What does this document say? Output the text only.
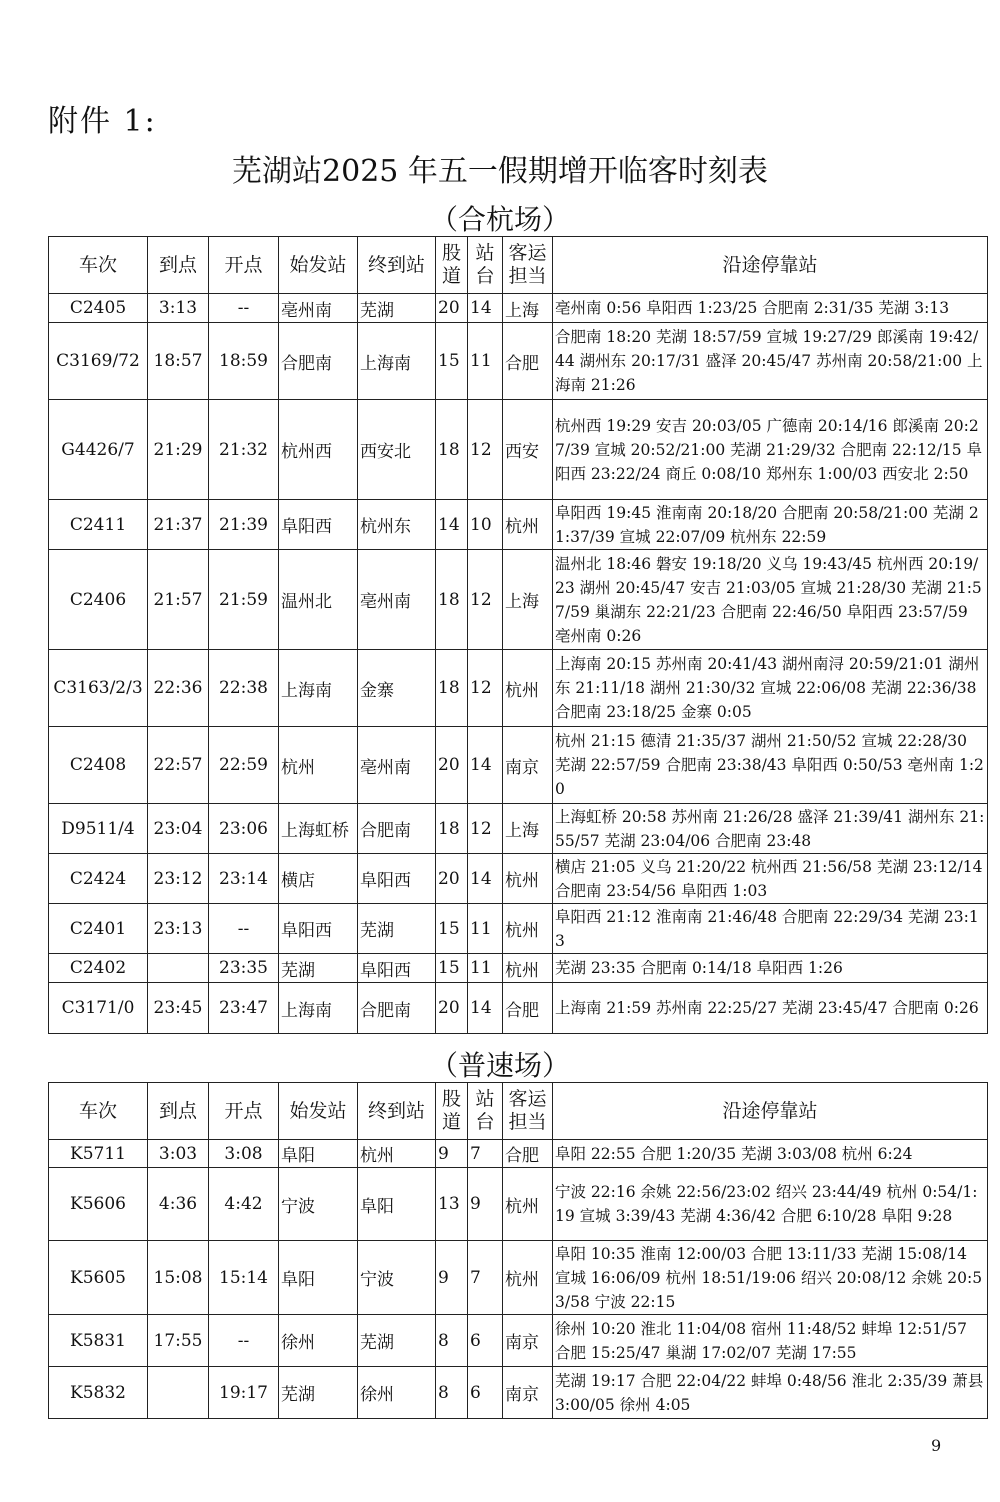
附件 1:
芜湖站2025 年五一假期增开临客时刻表
（合杭场）
车次	到点	开点	始发站	终到站	股道	站台	客运担当	沿途停靠站
C2405	3:13	--	亳州南	芜湖	20	14	上海	亳州南 0:56 阜阳西 1:23/25 合肥南 2:31/35 芜湖 3:13
C3169/72	18:57	18:59	合肥南	上海南	15	11	合肥	合肥南 18:20 芜湖 18:57/59 宣城 19:27/29 郎溪南 19:42/44 湖州东 20:17/31 盛泽 20:45/47 苏州南 20:58/21:00 上海南 21:26
G4426/7	21:29	21:32	杭州西	西安北	18	12	西安	杭州西 19:29 安吉 20:03/05 广德南 20:14/16 郎溪南 20:27/39 宣城 20:52/21:00 芜湖 21:29/32 合肥南 22:12/15 阜阳西 23:22/24 商丘 0:08/10 郑州东 1:00/03 西安北 2:50
C2411	21:37	21:39	阜阳西	杭州东	14	10	杭州	阜阳西 19:45 淮南南 20:18/20 合肥南 20:58/21:00 芜湖 21:37/39 宣城 22:07/09 杭州东 22:59
C2406	21:57	21:59	温州北	亳州南	18	12	上海	温州北 18:46 磐安 19:18/20 义乌 19:43/45 杭州西 20:19/23 湖州 20:45/47 安吉 21:03/05 宣城 21:28/30 芜湖 21:57/59 巢湖东 22:21/23 合肥南 22:46/50 阜阳西 23:57/59 亳州南 0:26
C3163/2/3	22:36	22:38	上海南	金寨	18	12	杭州	上海南 20:15 苏州南 20:41/43 湖州南浔 20:59/21:01 湖州东 21:11/18 湖州 21:30/32 宣城 22:06/08 芜湖 22:36/38 合肥南 23:18/25 金寨 0:05
C2408	22:57	22:59	杭州	亳州南	20	14	南京	杭州 21:15 德清 21:35/37 湖州 21:50/52 宣城 22:28/30 芜湖 22:57/59 合肥南 23:38/43 阜阳西 0:50/53 亳州南 1:20
D9511/4	23:04	23:06	上海虹桥	合肥南	18	12	上海	上海虹桥 20:58 苏州南 21:26/28 盛泽 21:39/41 湖州东 21:55/57 芜湖 23:04/06 合肥南 23:48
C2424	23:12	23:14	横店	阜阳西	20	14	杭州	横店 21:05 义乌 21:20/22 杭州西 21:56/58 芜湖 23:12/14 合肥南 23:54/56 阜阳西 1:03
C2401	23:13	--	阜阳西	芜湖	15	11	杭州	阜阳西 21:12 淮南南 21:46/48 合肥南 22:29/34 芜湖 23:13
C2402		23:35	芜湖	阜阳西	15	11	杭州	芜湖 23:35 合肥南 0:14/18 阜阳西 1:26
C3171/0	23:45	23:47	上海南	合肥南	20	14	合肥	上海南 21:59 苏州南 22:25/27 芜湖 23:45/47 合肥南 0:26
（普速场）
车次	到点	开点	始发站	终到站	股道	站台	客运担当	沿途停靠站
K5711	3:03	3:08	阜阳	杭州	9	7	合肥	阜阳 22:55 合肥 1:20/35 芜湖 3:03/08 杭州 6:24
K5606	4:36	4:42	宁波	阜阳	13	9	杭州	宁波 22:16 余姚 22:56/23:02 绍兴 23:44/49 杭州 0:54/1:19 宣城 3:39/43 芜湖 4:36/42 合肥 6:10/28 阜阳 9:28
K5605	15:08	15:14	阜阳	宁波	9	7	杭州	阜阳 10:35 淮南 12:00/03 合肥 13:11/33 芜湖 15:08/14 宣城 16:06/09 杭州 18:51/19:06 绍兴 20:08/12 余姚 20:53/58 宁波 22:15
K5831	17:55	--	徐州	芜湖	8	6	南京	徐州 10:20 淮北 11:04/08 宿州 11:48/52 蚌埠 12:51/57 合肥 15:25/47 巢湖 17:02/07 芜湖 17:55
K5832		19:17	芜湖	徐州	8	6	南京	芜湖 19:17 合肥 22:04/22 蚌埠 0:48/56 淮北 2:35/39 萧县 3:00/05 徐州 4:05
9
